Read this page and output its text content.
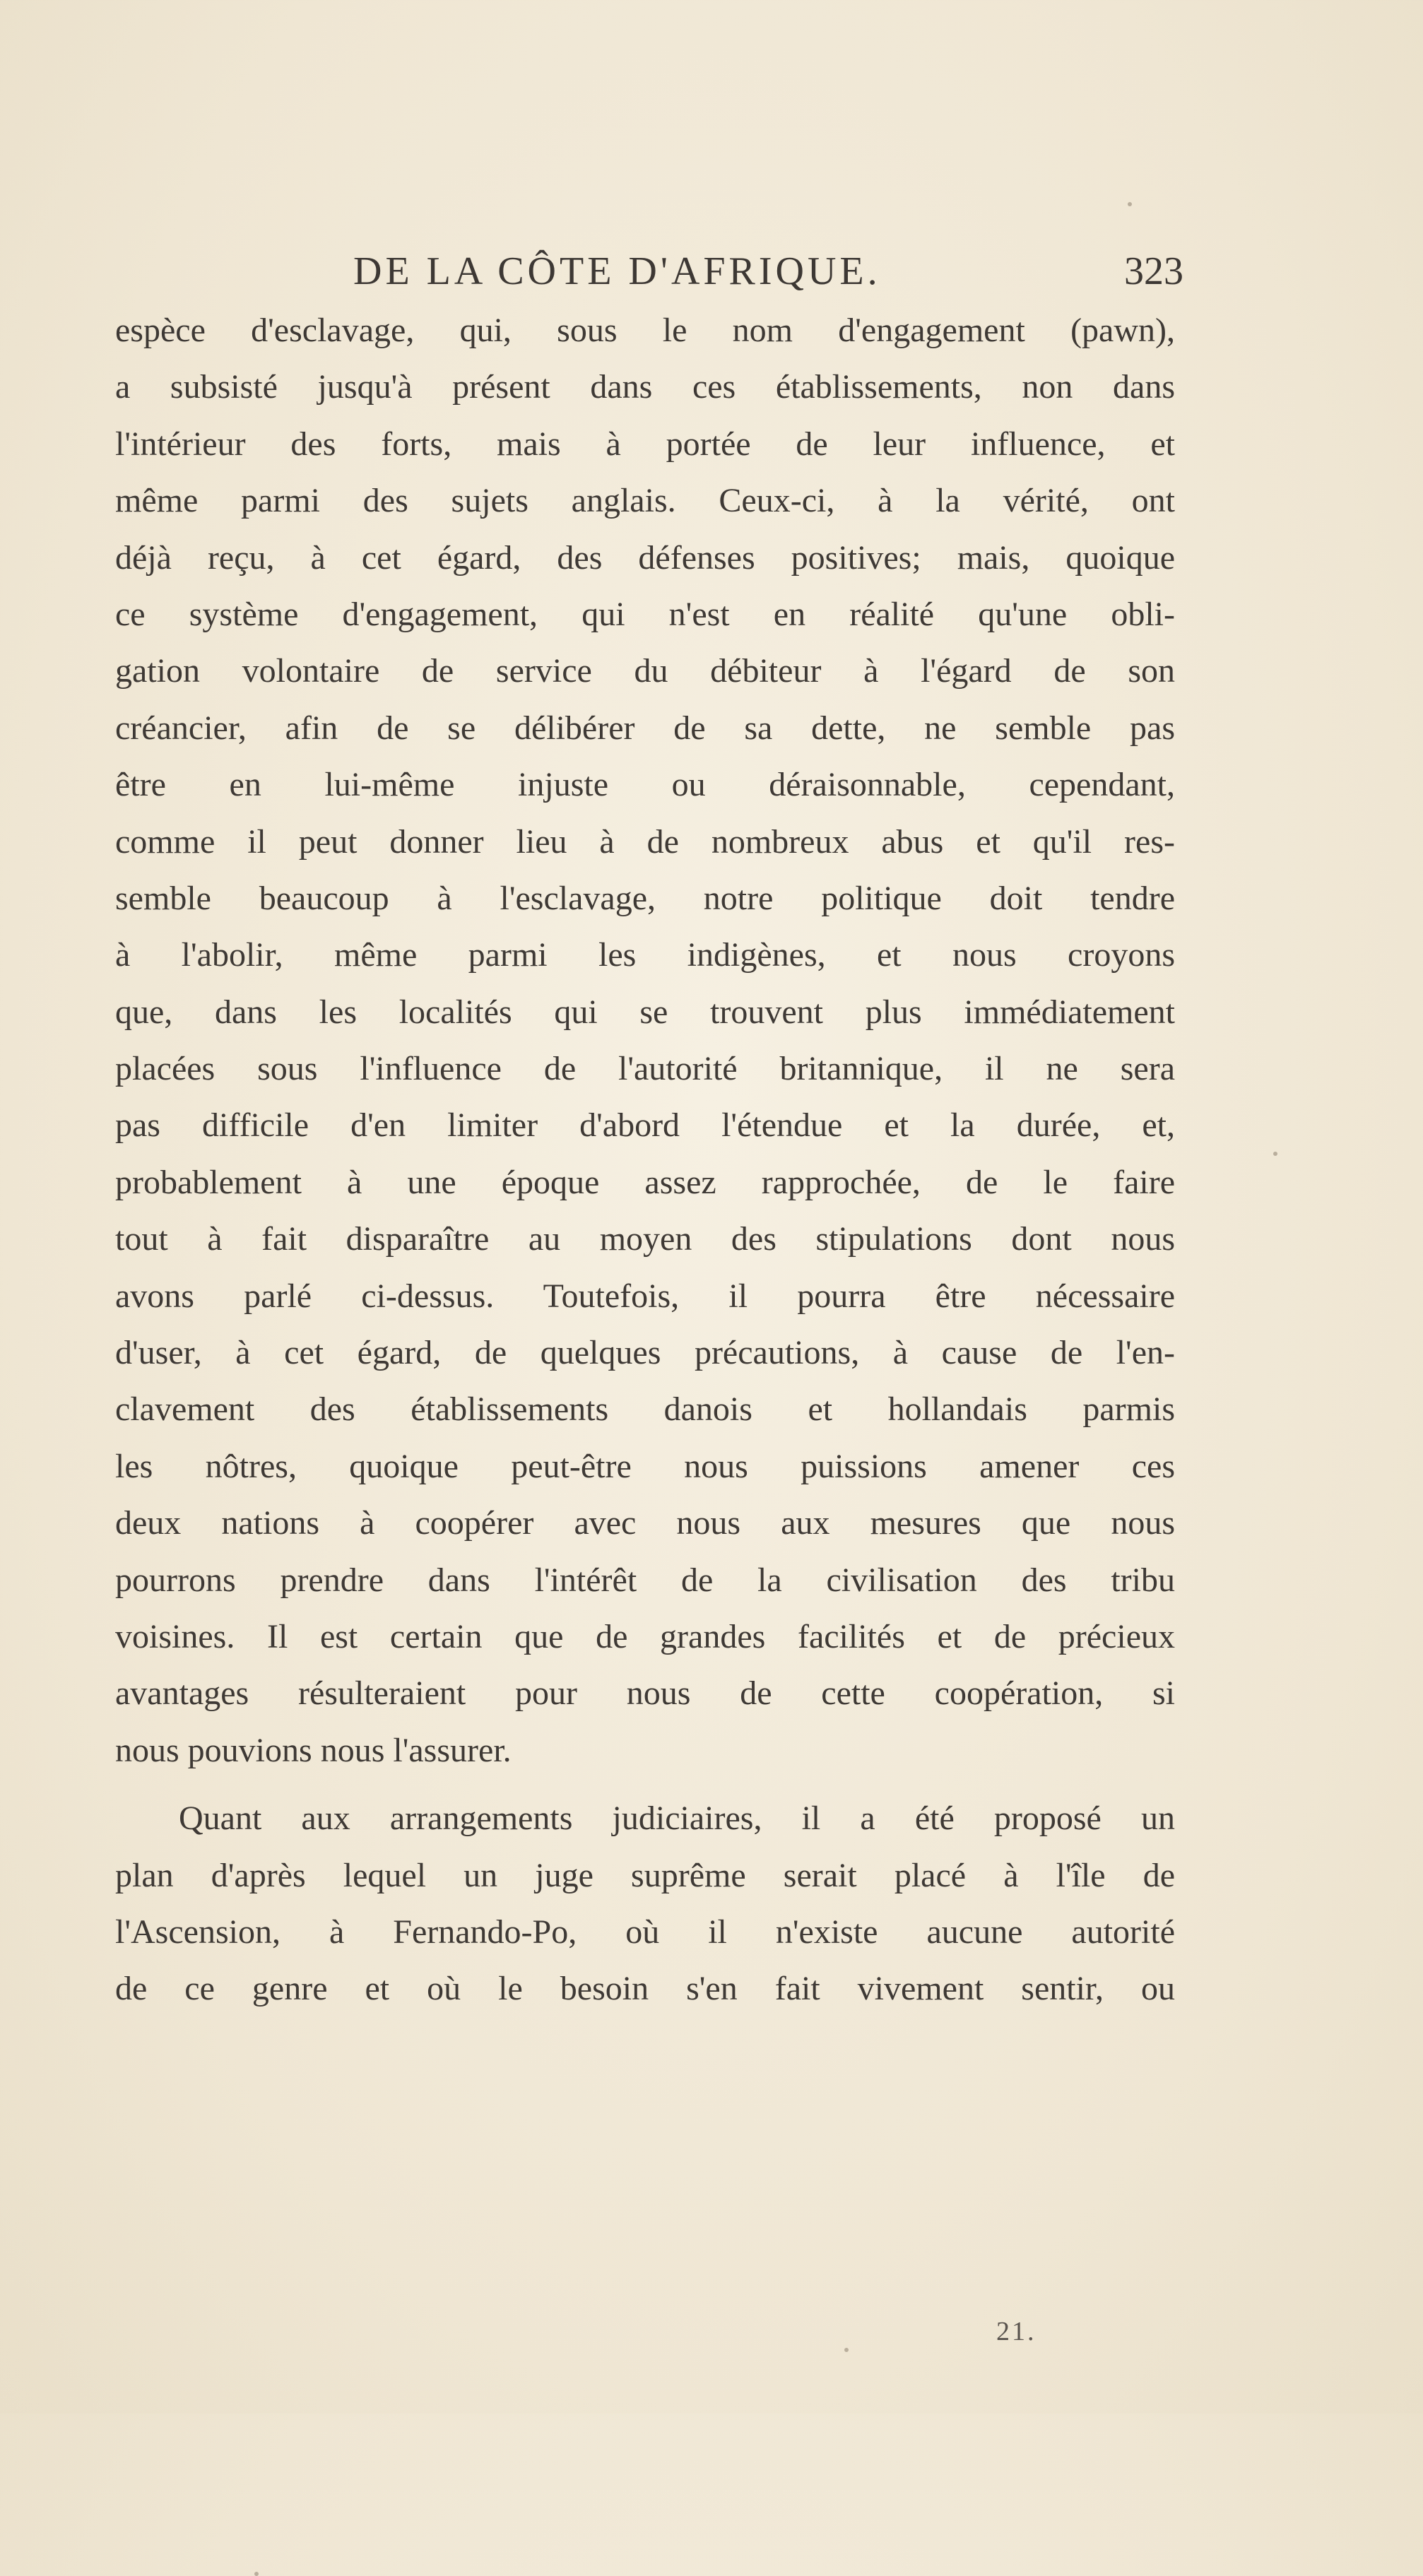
DE LA CÔTE D'AFRIQUE.	323
espèce d'esclavage, qui, sous le nom d'engagement (pawn),
a subsisté jusqu'à présent dans ces établissements, non dans
l'intérieur des forts, mais à portée de leur influence, et
même parmi des sujets anglais. Ceux-ci, à la vérité, ont
déjà reçu, à cet égard, des défenses positives; mais, quoique
ce système d'engagement, qui n'est en réalité qu'une obli-
gation volontaire de service du débiteur à l'égard de son
créancier, afin de se délibérer de sa dette, ne semble pas
être en lui-même injuste ou déraisonnable, cependant,
comme il peut donner lieu à de nombreux abus et qu'il res-
semble beaucoup à l'esclavage, notre politique doit tendre
à l'abolir, même parmi les indigènes, et nous croyons
que, dans les localités qui se trouvent plus immédiatement
placées sous l'influence de l'autorité britannique, il ne sera
pas difficile d'en limiter d'abord l'étendue et la durée, et,
probablement à une époque assez rapprochée, de le faire
tout à fait disparaître au moyen des stipulations dont nous
avons parlé ci-dessus. Toutefois, il pourra être nécessaire
d'user, à cet égard, de quelques précautions, à cause de l'en-
clavement des établissements danois et hollandais parmis
les nôtres, quoique peut-être nous puissions amener ces
deux nations à coopérer avec nous aux mesures que nous
pourrons prendre dans l'intérêt de la civilisation des tribu
voisines. Il est certain que de grandes facilités et de précieux
avantages résulteraient pour nous de cette coopération, si
nous pouvions nous l'assurer.
Quant aux arrangements judiciaires, il a été proposé un
plan d'après lequel un juge suprême serait placé à l'île de
l'Ascension, à Fernando-Po, où il n'existe aucune autorité
de ce genre et où le besoin s'en fait vivement sentir, ou
21.
